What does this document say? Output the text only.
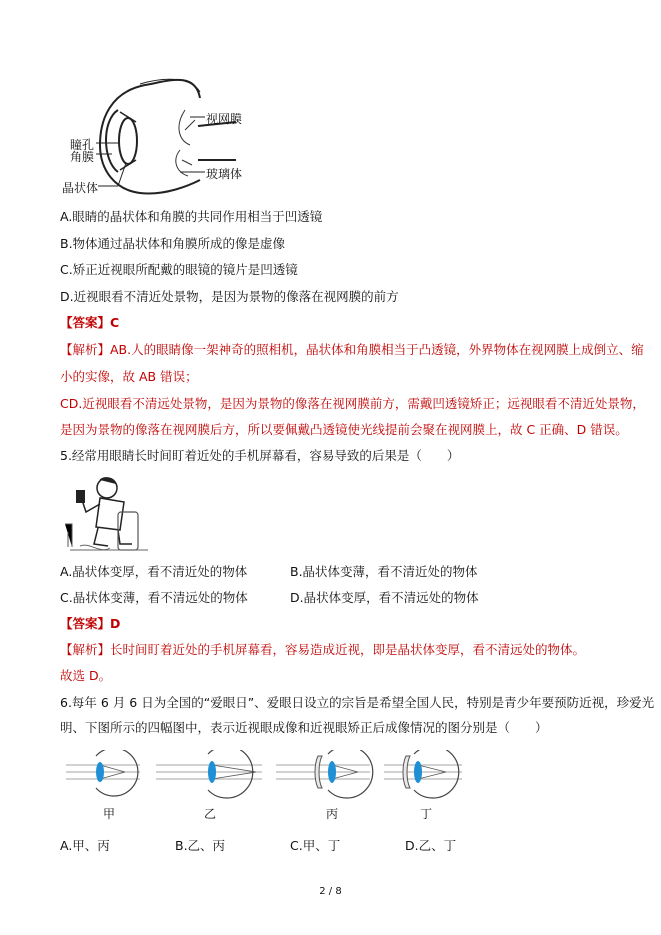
视网膜
瞳孔
角膜
晶状体
玻璃体
A.眼睛的晶状体和角膜的共同作用相当于凹透镜
B.物体通过晶状体和角膜所成的像是虚像
C.矫正近视眼所配戴的眼镜的镜片是凹透镜
D.近视眼看不清近处景物，是因为景物的像落在视网膜的前方
【答案】C
【解析】AB.人的眼睛像一架神奇的照相机，晶状体和角膜相当于凸透镜，外界物体在视网膜上成倒立、缩
小的实像，故 AB 错误；
CD.近视眼看不清远处景物，是因为景物的像落在视网膜前方，需戴凹透镜矫正；远视眼看不清近处景物，
是因为景物的像落在视网膜后方，所以要佩戴凸透镜使光线提前会聚在视网膜上，故 C 正确、D 错误。
5.经常用眼睛长时间盯着近处的手机屏幕看，容易导致的后果是（　　）
A.晶状体变厚，看不清近处的物体	B.晶状体变薄，看不清近处的物体
C.晶状体变薄，看不清远处的物体	D.晶状体变厚，看不清远处的物体
【答案】D
【解析】长时间盯着近处的手机屏幕看，容易造成近视，即是晶状体变厚，看不清远处的物体。
故选 D。
6.每年 6 月 6 日为全国的“爱眼日”、爱眼日设立的宗旨是希望全国人民，特别是青少年要预防近视，珍爱光
明、下图所示的四幅图中，表示近视眼成像和近视眼矫正后成像情况的图分别是（　　）
甲	乙	丙	丁
A.甲、丙	B.乙、丙	C.甲、丁	D.乙、丁
2 / 8
